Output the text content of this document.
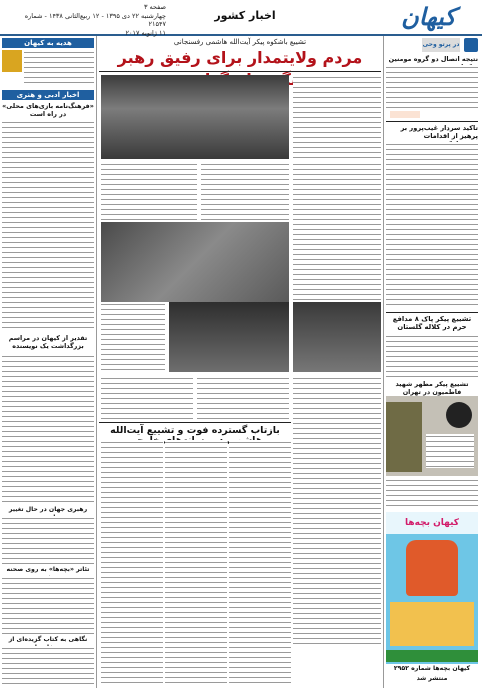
کیهان
اخبار کشور
صفحه ۳
چهارشنبه ۲۲ دی ۱۳۹۵ - ۱۲ ربیع‌الثانی ۱۴۳۸ - شماره ۲۱۵۴۷
۱۱ ژانویه ۲۰۱۷
در پرتو وحی
نتیجه اتصال دو گروه مومنین
تاکید سردار غیب‌پرور بر پرهیز از اقدامات
تشییع پیکر پاک ۸ مدافع حرم در کلاله گلستان
تشییع پیکر مطهر شهید فاطمیون در تهران
کیهان بچه‌ها
کیهان بچه‌ها شماره ۲۹۵۲
منتشر شد
تشییع باشکوه پیکر آیت‌الله هاشمی رفسنجانی
مردم ولایتمدار برای رفیق رهبر
بازتاب گسترده فوت و تشییع آیت‌الله
هدیه به کیهان
اخبار ادبی و هنری
«فرهنگ‌نامه بازی‌های محلی» در راه است
تقدیر از کیهان در مراسم بزرگداشت یک نویسنده
رهبری جهان در حال تغییر
تئاتر «بچه‌ها» به روی صحنه
نگاهی به کتاب گزیده‌ای از
